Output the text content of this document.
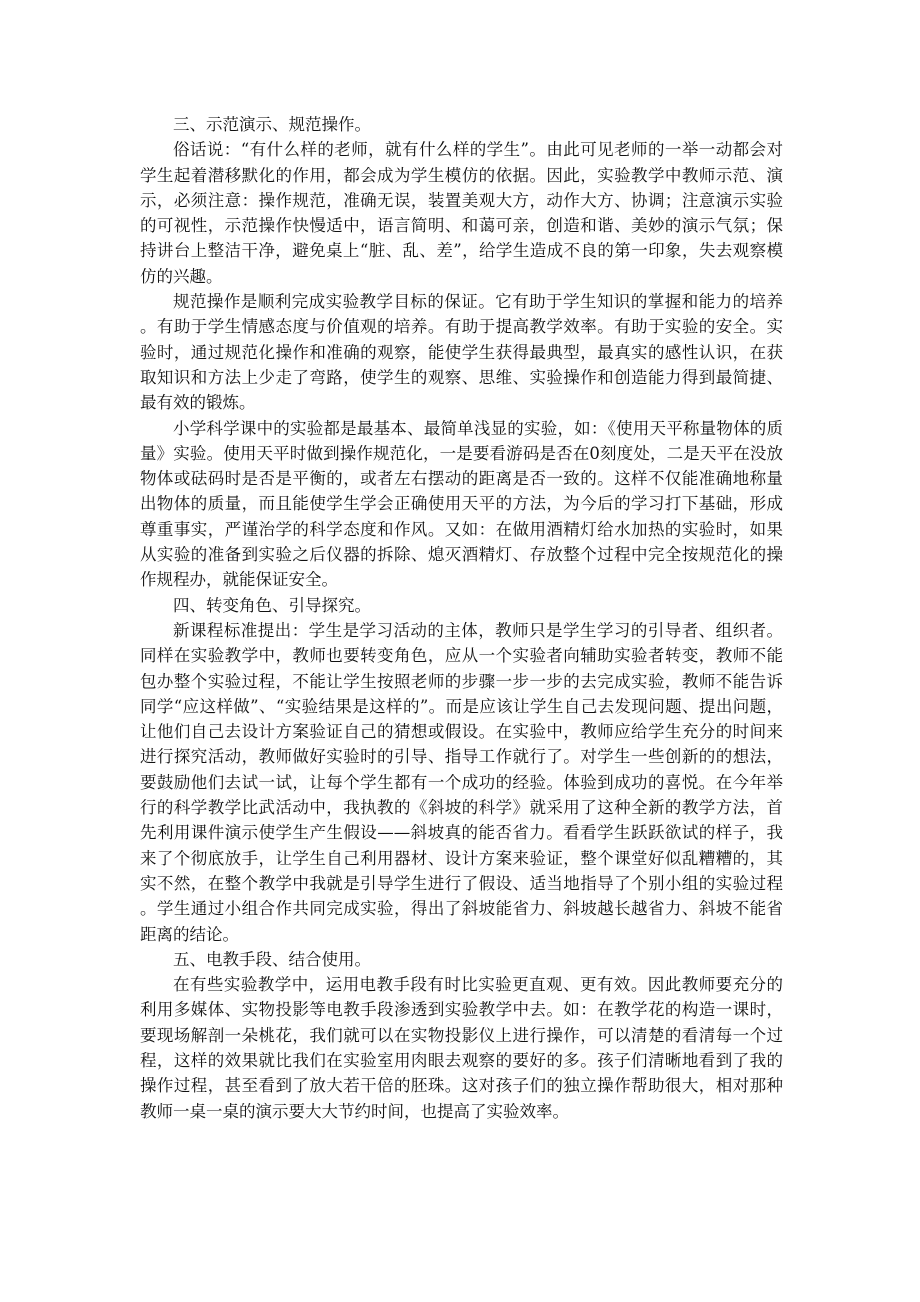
三、示范演示、规范操作。

俗话说：“有什么样的老师，就有什么样的学生”。由此可见老师的一举一动都会对学生起着潜移默化的作用，都会成为学生模仿的依据。因此，实验教学中教师示范、演示，必须注意：操作规范，准确无误，装置美观大方，动作大方、协调；注意演示实验的可视性，示范操作快慢适中，语言简明、和蔼可亲，创造和谐、美妙的演示气氛；保持讲台上整洁干净，避免桌上“脏、乱、差”，给学生造成不良的第一印象，失去观察模仿的兴趣。

规范操作是顺利完成实验教学目标的保证。它有助于学生知识的掌握和能力的培养。有助于学生情感态度与价值观的培养。有助于提高教学效率。有助于实验的安全。实验时，通过规范化操作和准确的观察，能使学生获得最典型，最真实的感性认识，在获取知识和方法上少走了弯路，使学生的观察、思维、实验操作和创造能力得到最简捷、最有效的锻炼。

小学科学课中的实验都是最基本、最简单浅显的实验，如：《使用天平称量物体的质量》实验。使用天平时做到操作规范化，一是要看游码是否在0刻度处，二是天平在没放物体或砝码时是否是平衡的，或者左右摆动的距离是否一致的。这样不仅能准确地称量出物体的质量，而且能使学生学会正确使用天平的方法，为今后的学习打下基础，形成尊重事实，严谨治学的科学态度和作风。又如：在做用酒精灯给水加热的实验时，如果从实验的准备到实验之后仪器的拆除、熄灭酒精灯、存放整个过程中完全按规范化的操作规程办，就能保证安全。

四、转变角色、引导探究。

新课程标准提出：学生是学习活动的主体，教师只是学生学习的引导者、组织者。同样在实验教学中，教师也要转变角色，应从一个实验者向辅助实验者转变，教师不能包办整个实验过程，不能让学生按照老师的步骤一步一步的去完成实验，教师不能告诉同学“应这样做”、“实验结果是这样的”。而是应该让学生自己去发现问题、提出问题，让他们自己去设计方案验证自己的猜想或假设。在实验中，教师应给学生充分的时间来进行探究活动，教师做好实验时的引导、指导工作就行了。对学生一些创新的的想法，要鼓励他们去试一试，让每个学生都有一个成功的经验。体验到成功的喜悦。在今年举行的科学教学比武活动中，我执教的《斜坡的科学》就采用了这种全新的教学方法，首先利用课件演示使学生产生假设——斜坡真的能否省力。看看学生跃跃欲试的样子，我来了个彻底放手，让学生自己利用器材、设计方案来验证，整个课堂好似乱糟糟的，其实不然，在整个教学中我就是引导学生进行了假设、适当地指导了个别小组的实验过程。学生通过小组合作共同完成实验，得出了斜坡能省力、斜坡越长越省力、斜坡不能省距离的结论。

五、电教手段、结合使用。

在有些实验教学中，运用电教手段有时比实验更直观、更有效。因此教师要充分的利用多媒体、实物投影等电教手段渗透到实验教学中去。如：在教学花的构造一课时，要现场解剖一朵桃花，我们就可以在实物投影仪上进行操作，可以清楚的看清每一个过程，这样的效果就比我们在实验室用肉眼去观察的要好的多。孩子们清晰地看到了我的操作过程，甚至看到了放大若干倍的胚珠。这对孩子们的独立操作帮助很大，相对那种教师一桌一桌的演示要大大节约时间，也提高了实验效率。
